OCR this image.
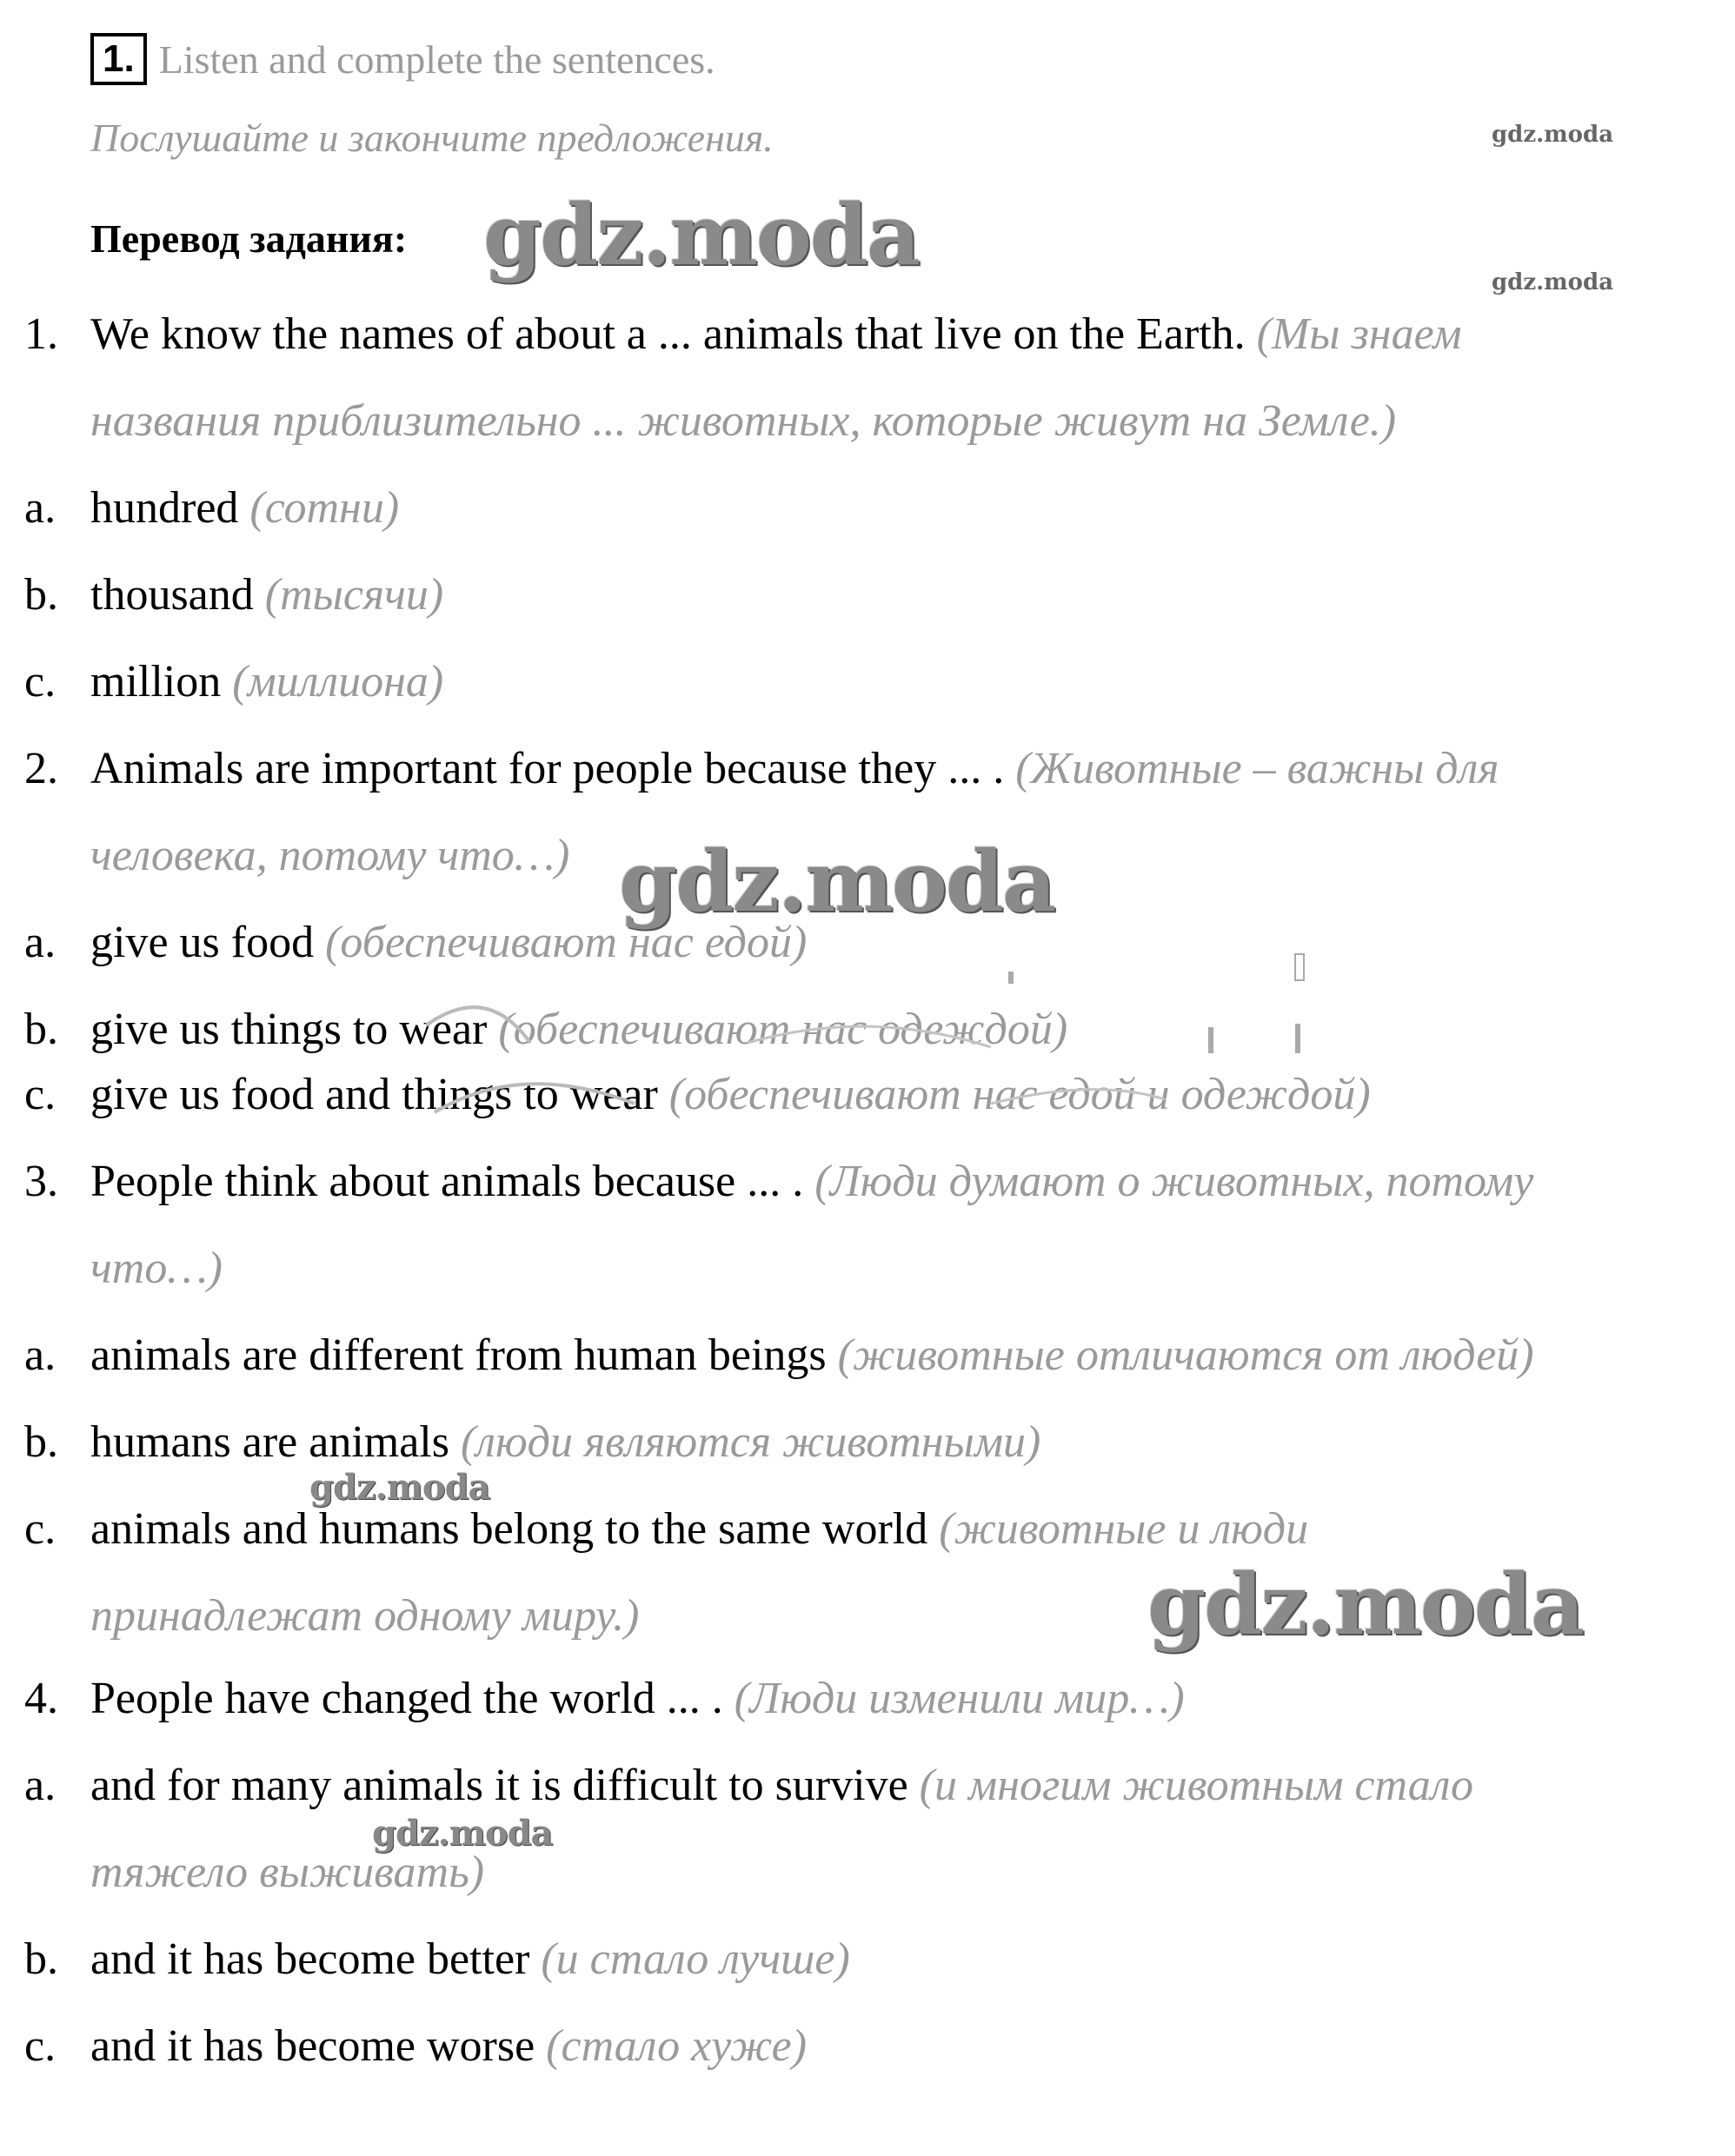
1. Listen and complete the sentences.
Послушайте и закончите предложения.
Перевод задания:
1. We know the names of about a ... animals that live on the Earth. (Мы знаем
названия приблизительно ... животных, которые живут на Земле.)
a. hundred (сотни)
b. thousand (тысячи)
c. million (миллиона)
2. Animals are important for people because they ... . (Животные – важны для
человека, потому что…)
a. give us food (обеспечивают нас едой)
b. give us things to wear (обеспечивают нас одеждой)
c. give us food and things to wear (обеспечивают нас едой и одеждой)
3. People think about animals because ... . (Люди думают о животных, потому
что…)
a. animals are different from human beings (животные отличаются от людей)
b. humans are animals (люди являются животными)
c. animals and humans belong to the same world (животные и люди
принадлежат одному миру.)
4. People have changed the world ... . (Люди изменили мир…)
a. and for many animals it is difficult to survive (и многим животным стало
тяжело выживать)
b. and it has become better (и стало лучше)
c. and it has become worse (стало хуже)
gdz.moda
gdz.moda
gdz.moda
gdz.moda
gdz.moda
gdz.moda
gdz.moda
